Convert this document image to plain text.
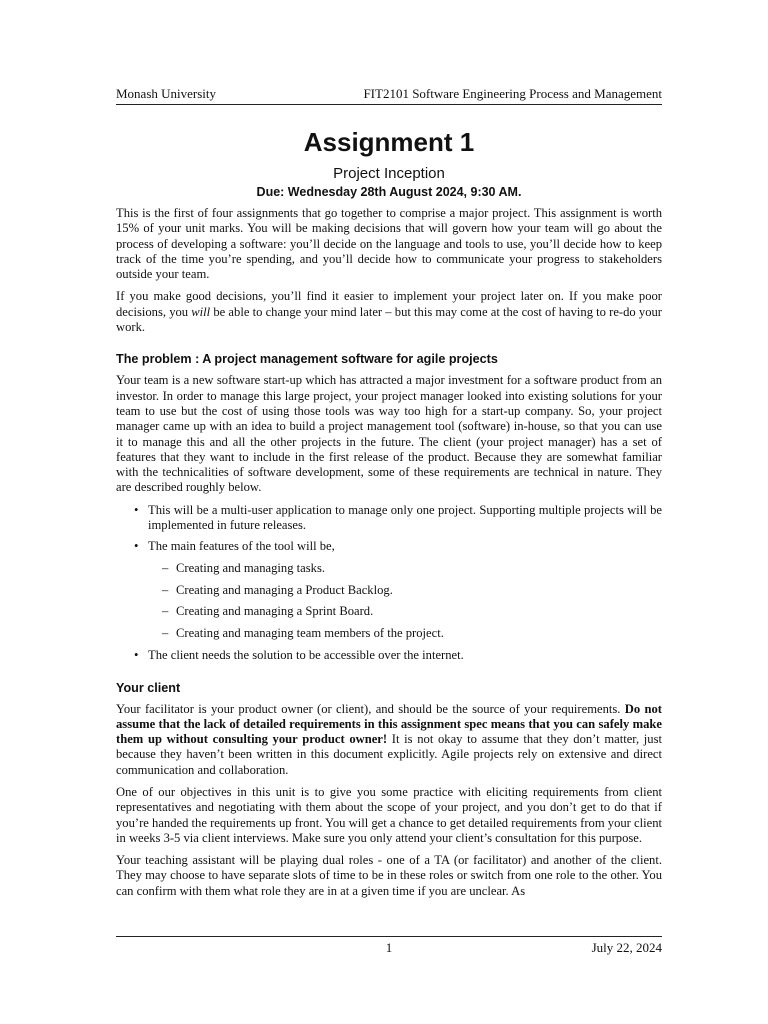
Monash University	FIT2101 Software Engineering Process and Management
Assignment 1
Project Inception
Due: Wednesday 28th August 2024, 9:30 AM.

This is the first of four assignments that go together to comprise a major project. This assignment is worth 15% of your unit marks. You will be making decisions that will govern how your team will go about the process of developing a software: you’ll decide on the language and tools to use, you’ll decide how to keep track of the time you’re spending, and you’ll decide how to communicate your progress to stakeholders outside your team.

If you make good decisions, you’ll find it easier to implement your project later on. If you make poor decisions, you will be able to change your mind later – but this may come at the cost of having to re-do your work.

The problem : A project management software for agile projects

Your team is a new software start-up which has attracted a major investment for a software product from an investor. In order to manage this large project, your project manager looked into existing solutions for your team to use but the cost of using those tools was way too high for a start-up company. So, your project manager came up with an idea to build a project management tool (software) in-house, so that you can use it to manage this and all the other projects in the future. The client (your project manager) has a set of features that they want to include in the first release of the product. Because they are somewhat familiar with the technicalities of software development, some of these requirements are technical in nature. They are described roughly below.

• This will be a multi-user application to manage only one project. Supporting multiple projects will be implemented in future releases.
• The main features of the tool will be,
– Creating and managing tasks.
– Creating and managing a Product Backlog.
– Creating and managing a Sprint Board.
– Creating and managing team members of the project.
• The client needs the solution to be accessible over the internet.
Your client

Your facilitator is your product owner (or client), and should be the source of your requirements. Do not assume that the lack of detailed requirements in this assignment spec means that you can safely make them up without consulting your product owner! It is not okay to assume that they don’t matter, just because they haven’t been written in this document explicitly. Agile projects rely on extensive and direct communication and collaboration.

One of our objectives in this unit is to give you some practice with eliciting requirements from client representatives and negotiating with them about the scope of your project, and you don’t get to do that if you’re handed the requirements up front. You will get a chance to get detailed requirements from your client in weeks 3-5 via client interviews. Make sure you only attend your client’s consultation for this purpose.

Your teaching assistant will be playing dual roles - one of a TA (or facilitator) and another of the client. They may choose to have separate slots of time to be in these roles or switch from one role to the other. You can confirm with them what role they are in at a given time if you are unclear. As

1	July 22, 2024
